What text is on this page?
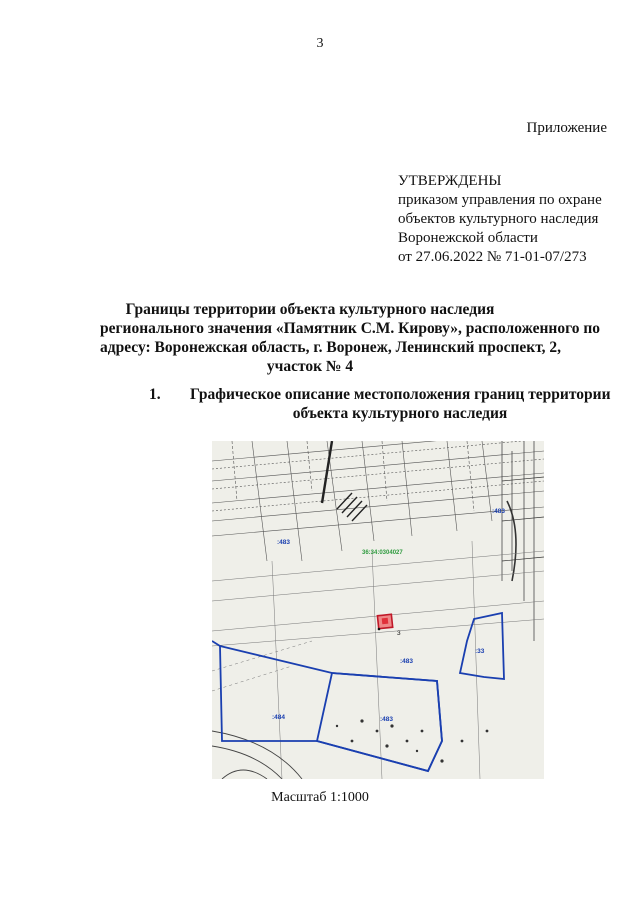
3
Приложение
УТВЕРЖДЕНЫ
приказом управления по охране
объектов культурного наследия
Воронежской области
от 27.06.2022 № 71-01-07/273
Границы территории объекта культурного наследия
регионального значения «Памятник С.М. Кирову», расположенного по
адресу: Воронежская область, г. Воронеж, Ленинский проспект, 2,
участок № 4
1. Графическое описание местоположения границ территории
объекта культурного наследия
:483
:483
:483
:484
:33
:483
36:34:0304027
3
Масштаб 1:1000
